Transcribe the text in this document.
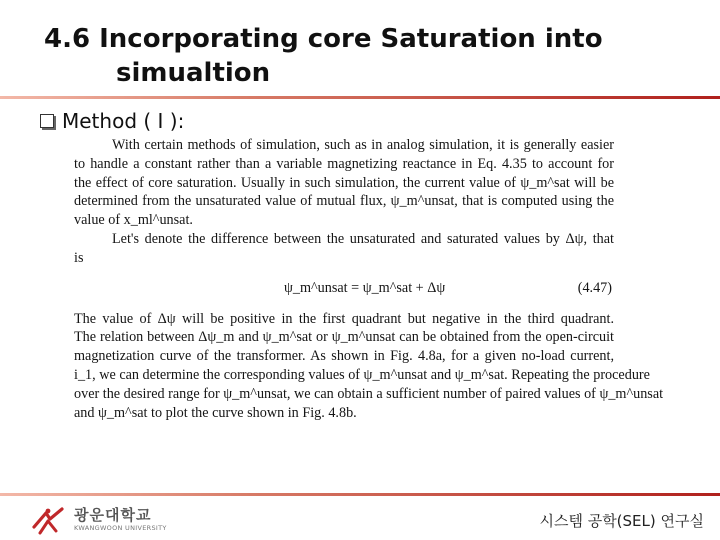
4.6 Incorporating core Saturation into
simualtion
Method ( I ):
With certain methods of simulation, such as in analog simulation, it is generally easier
to handle a constant rather than a variable magnetizing reactance in Eq. 4.35 to account for
the effect of core saturation. Usually in such simulation, the current value of ψ_m^sat will be
determined from the unsaturated value of mutual flux, ψ_m^unsat, that is computed using the
value of x_ml^unsat.
Let's denote the difference between the unsaturated and saturated values by Δψ, that
is
ψ_m^unsat = ψ_m^sat + Δψ	(4.47)
The value of Δψ will be positive in the first quadrant but negative in the third quadrant.
The relation between Δψ_m and ψ_m^sat or ψ_m^unsat can be obtained from the open-circuit
magnetization curve of the transformer. As shown in Fig. 4.8a, for a given no-load current,
i_1, we can determine the corresponding values of ψ_m^unsat and ψ_m^sat. Repeating the procedure
over the desired range for ψ_m^unsat, we can obtain a sufficient number of paired values of ψ_m^unsat
and ψ_m^sat to plot the curve shown in Fig. 4.8b.
광운대학교
KWANGWOON UNIVERSITY	시스템 공학(SEL) 연구실
